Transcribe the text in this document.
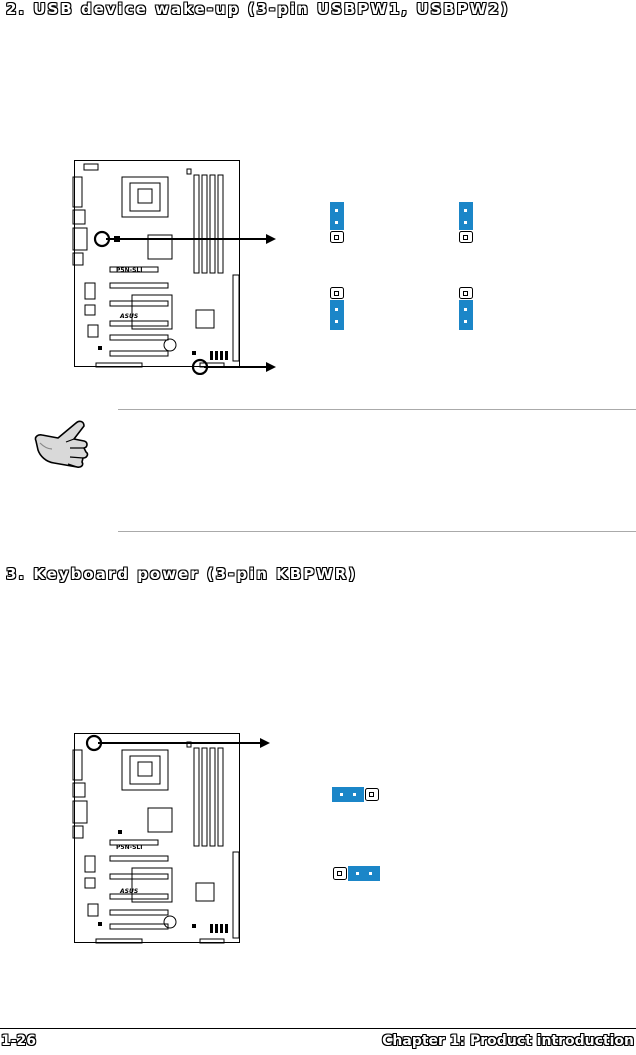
2. USB device wake-up (3-pin USBPW1, USBPW2)
P5N-SLI
ASUS
3. Keyboard power (3-pin KBPWR)
P5N-SLI
ASUS
1-26	Chapter 1: Product introduction
